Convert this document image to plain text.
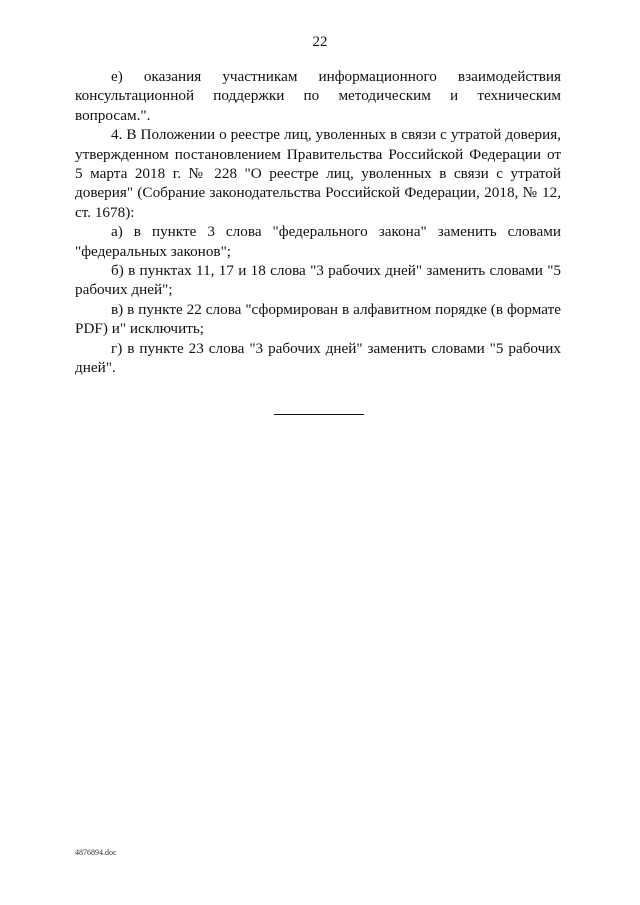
22

е) оказания участникам информационного взаимодействия консультационной поддержки по методическим и техническим вопросам.".

4. В Положении о реестре лиц, уволенных в связи с утратой доверия, утвержденном постановлением Правительства Российской Федерации от 5 марта 2018 г. № 228 "О реестре лиц, уволенных в связи с утратой доверия" (Собрание законодательства Российской Федерации, 2018, № 12, ст. 1678):

а) в пункте 3 слова "федерального закона" заменить словами "федеральных законов";

б) в пунктах 11, 17 и 18 слова "3 рабочих дней" заменить словами "5 рабочих дней";

в) в пункте 22 слова "сформирован в алфавитном порядке (в формате PDF) и" исключить;

г) в пункте 23 слова "3 рабочих дней" заменить словами "5 рабочих дней".

4876894.doc
